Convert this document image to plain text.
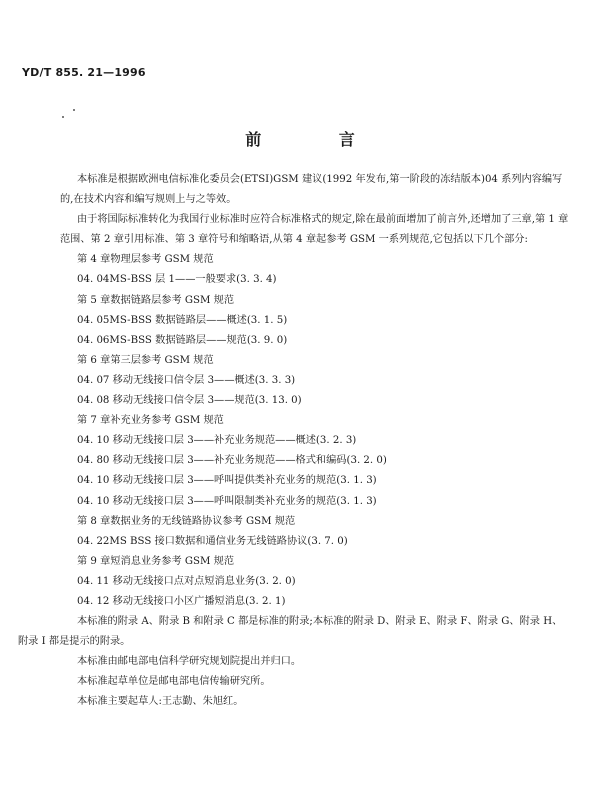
YD/T 855. 21—1996
前 言

本标准是根据欧洲电信标准化委员会(ETSI)GSM 建议(1992 年发布,第一阶段的冻结版本)04 系列内容编写的,在技术内容和编写规则上与之等效。

由于将国际标准转化为我国行业标准时应符合标准格式的规定,除在最前面增加了前言外,还增加了三章,第 1 章范围、第 2 章引用标准、第 3 章符号和缩略语,从第 4 章起参考 GSM 一系列规范,它包括以下几个部分:

第 4 章物理层参考 GSM 规范
04. 04MS-BSS 层 1——一般要求(3. 3. 4)
第 5 章数据链路层参考 GSM 规范
04. 05MS-BSS 数据链路层——概述(3. 1. 5)
04. 06MS-BSS 数据链路层——规范(3. 9. 0)
第 6 章第三层参考 GSM 规范
04. 07 移动无线接口信令层 3——概述(3. 3. 3)
04. 08 移动无线接口信令层 3——规范(3. 13. 0)
第 7 章补充业务参考 GSM 规范
04. 10 移动无线接口层 3——补充业务规范——概述(3. 2. 3)
04. 80 移动无线接口层 3——补充业务规范——格式和编码(3. 2. 0)
04. 10 移动无线接口层 3——呼叫提供类补充业务的规范(3. 1. 3)
04. 10 移动无线接口层 3——呼叫限制类补充业务的规范(3. 1. 3)
第 8 章数据业务的无线链路协议参考 GSM 规范
04. 22MS BSS 接口数据和通信业务无线链路协议(3. 7. 0)
第 9 章短消息业务参考 GSM 规范
04. 11 移动无线接口点对点短消息业务(3. 2. 0)
04. 12 移动无线接口小区广播短消息(3. 2. 1)

本标准的附录 A、附录 B 和附录 C 都是标准的附录;本标准的附录 D、附录 E、附录 F、附录 G、附录 H、附录 I 都是提示的附录。

本标准由邮电部电信科学研究规划院提出并归口。

本标准起草单位是邮电部电信传输研究所。

本标准主要起草人:王志勤、朱旭红。
